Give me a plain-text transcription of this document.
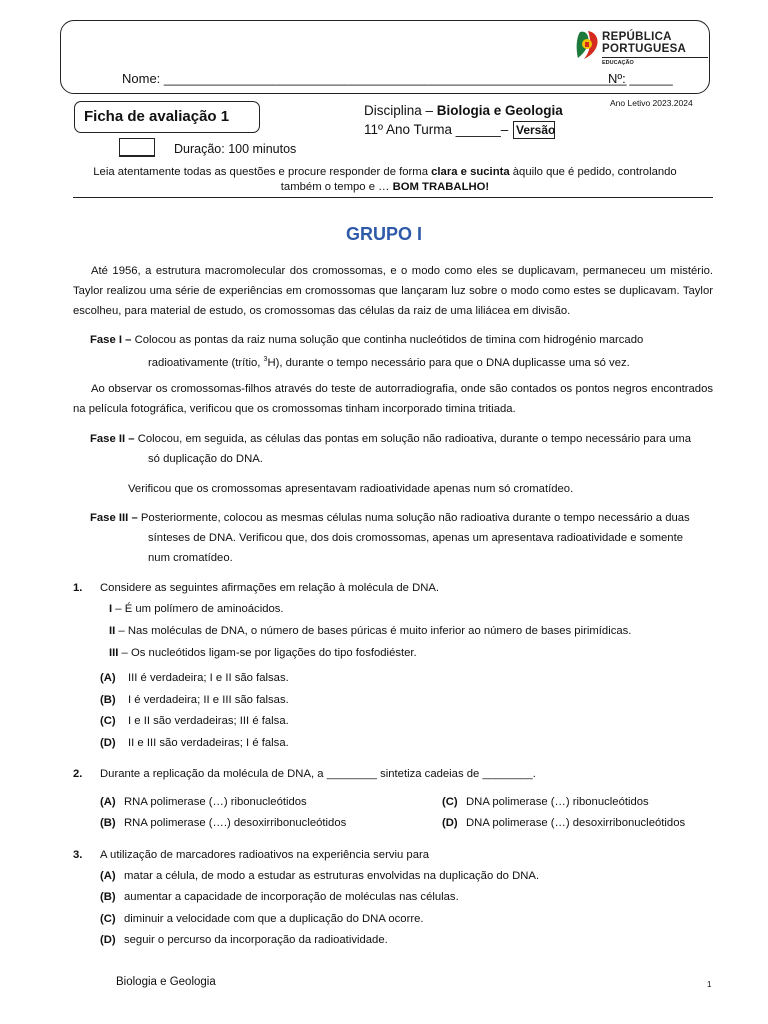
REPÚBLICA
PORTUGUESA
EDUCAÇÃO
Nome: ________________________________________________________________
Nº: ______
Ficha de avaliação 1	Disciplina – Biologia e Geologia	Ano Letivo 2023.2024
11º Ano Turma ______– Versão
Duração: 100 minutos
Leia atentamente todas as questões e procure responder de forma clara e sucinta àquilo que é pedido, controlando
também o tempo e … BOM TRABALHO!
GRUPO I
Até 1956, a estrutura macromolecular dos cromossomas, e o modo como eles se duplicavam, permaneceu um mistério. Taylor realizou uma série de experiências em cromossomas que lançaram luz sobre o modo como estes se duplicavam. Taylor escolheu, para material de estudo, os cromossomas das células da raiz de uma liliácea em divisão.
Fase I – Colocou as pontas da raiz numa solução que continha nucleótidos de timina com hidrogénio marcado
radioativamente (trítio, $^3$H), durante o tempo necessário para que o DNA duplicasse uma só vez.
Ao observar os cromossomas-filhos através do teste de autorradiografia, onde são contados os pontos negros encontrados na película fotográfica, verificou que os cromossomas tinham incorporado timina tritiada.
Fase II – Colocou, em seguida, as células das pontas em solução não radioativa, durante o tempo necessário para uma
só duplicação do DNA.
Verificou que os cromossomas apresentavam radioatividade apenas num só cromatídeo.
Fase III – Posteriormente, colocou as mesmas células numa solução não radioativa durante o tempo necessário a duas
sínteses de DNA. Verificou que, dos dois cromossomas, apenas um apresentava radioatividade e somente
num cromatídeo.
1. Considere as seguintes afirmações em relação à molécula de DNA.
I – É um polímero de aminoácidos.
II – Nas moléculas de DNA, o número de bases púricas é muito inferior ao número de bases pirimídicas.
III – Os nucleótidos ligam-se por ligações do tipo fosfodiéster.
(A) III é verdadeira; I e II são falsas.
(B) I é verdadeira; II e III são falsas.
(C) I e II são verdadeiras; III é falsa.
(D) II e III são verdadeiras; I é falsa.
2. Durante a replicação da molécula de DNA, a ________ sintetiza cadeias de ________.
(A) RNA polimerase (…) ribonucleótidos	(C) DNA polimerase (…) ribonucleótidos
(B) RNA polimerase (….) desoxirribonucleótidos	(D) DNA polimerase (…) desoxirribonucleótidos
3. A utilização de marcadores radioativos na experiência serviu para
(A) matar a célula, de modo a estudar as estruturas envolvidas na duplicação do DNA.
(B) aumentar a capacidade de incorporação de moléculas nas células.
(C) diminuir a velocidade com que a duplicação do DNA ocorre.
(D) seguir o percurso da incorporação da radioatividade.
Biologia e Geologia	1
